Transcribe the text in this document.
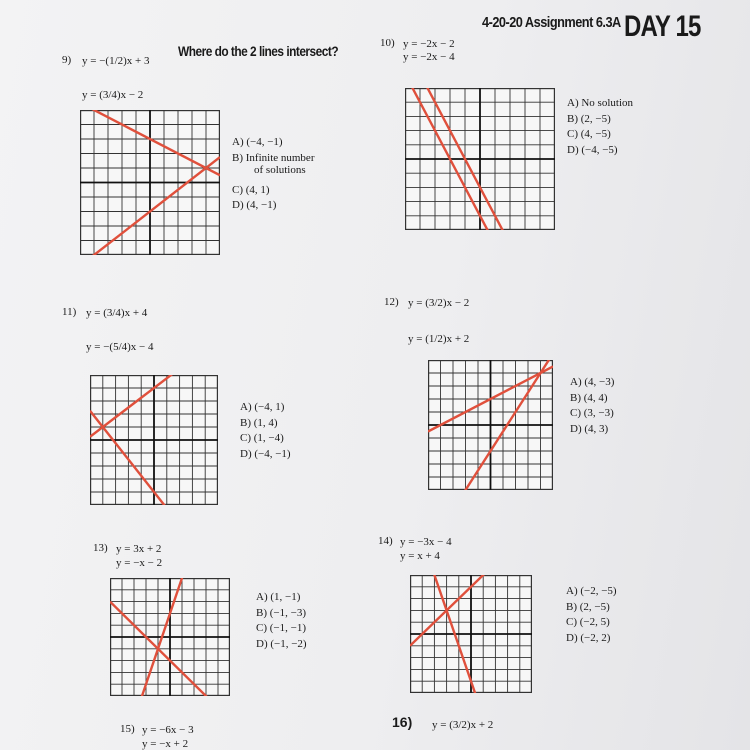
4-20-20 Assignment 6.3A DAY 15
Where do the 2 lines intersect?
9) y = −(1/2)x + 3
y = (3/4)x − 2
A) (−4, −1)
B) Infinite number
of solutions
C) (4, 1)
D) (4, −1)
10) y = −2x − 2
y = −2x − 4
A) No solution
B) (2, −5)
C) (4, −5)
D) (−4, −5)
11) y = (3/4)x + 4
y = −(5/4)x − 4
A) (−4, 1)
B) (1, 4)
C) (1, −4)
D) (−4, −1)
12) y = (3/2)x − 2
y = (1/2)x + 2
A) (4, −3)
B) (4, 4)
C) (3, −3)
D) (4, 3)
13) y = 3x + 2
y = −x − 2
A) (1, −1)
B) (−1, −3)
C) (−1, −1)
D) (−1, −2)
14) y = −3x − 4
y = x + 4
A) (−2, −5)
B) (2, −5)
C) (−2, 5)
D) (−2, 2)
15) y = −6x − 3
y = −x + 2
16) y = (3/2)x + 2
